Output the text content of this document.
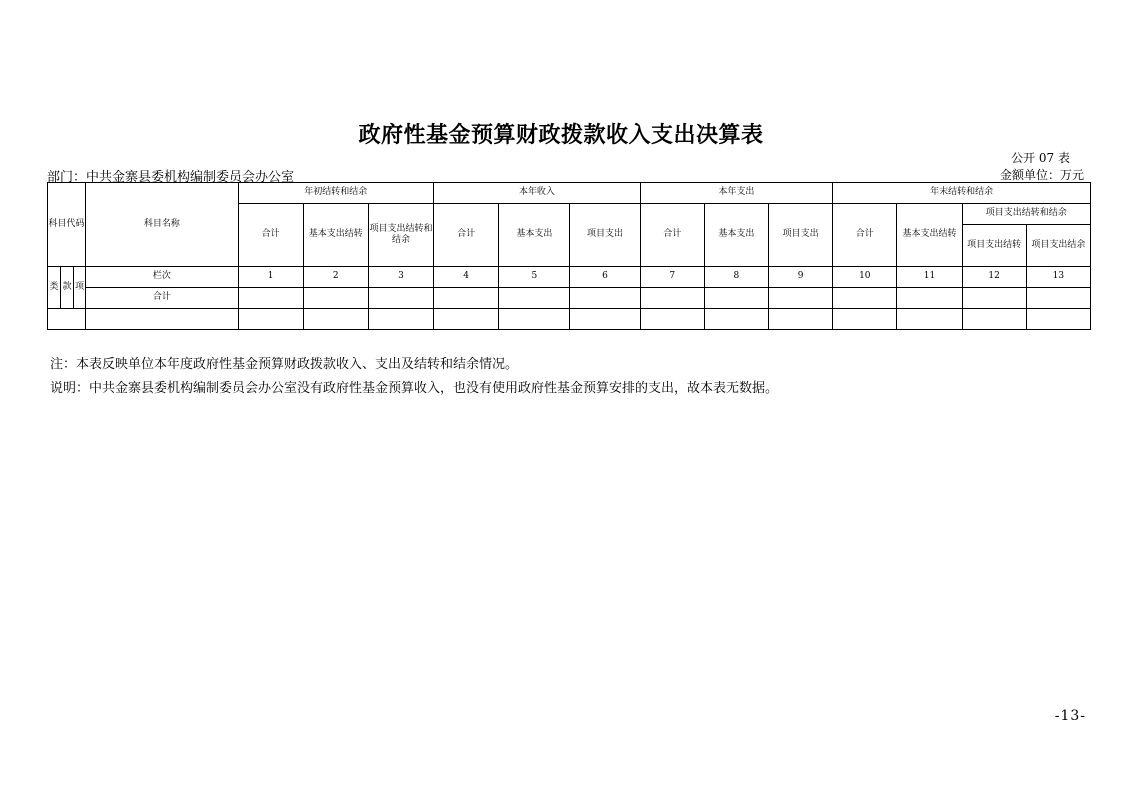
政府性基金预算财政拨款收入支出决算表
公开 07 表
部门：中共金寨县委机构编制委员会办公室	金额单位：万元
科目代码			科目名称	年初结转和结余			本年收入			本年支出			年末结转和结余			
				合计	基本支出结转	项目支出结转和结余	合计	基本支出	项目支出	合计	基本支出	项目支出	合计	基本支出结转	项目支出结转和结余	
															项目支出结转	项目支出结余
类	款	项	栏次	1	2	3	4	5	6	7	8	9	10	11	12	13
			合计													

注：本表反映单位本年度政府性基金预算财政拨款收入、支出及结转和结余情况。
说明：中共金寨县委机构编制委员会办公室没有政府性基金预算收入，也没有使用政府性基金预算安排的支出，故本表无数据。
-13-
